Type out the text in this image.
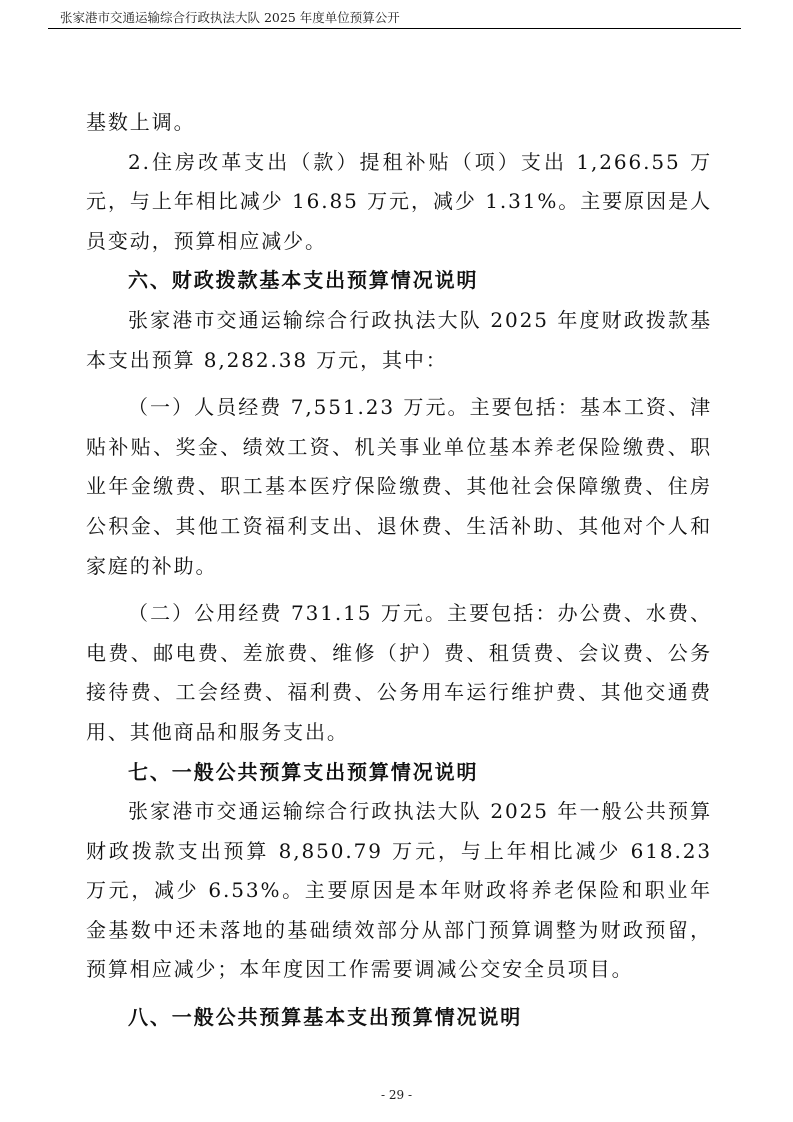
张家港市交通运输综合行政执法大队 2025 年度单位预算公开

基数上调。

2.住房改革支出（款）提租补贴（项）支出 1,266.55 万元，与上年相比减少 16.85 万元，减少 1.31%。主要原因是人员变动，预算相应减少。

六、财政拨款基本支出预算情况说明

张家港市交通运输综合行政执法大队 2025 年度财政拨款基本支出预算 8,282.38 万元，其中：

（一）人员经费 7,551.23 万元。主要包括：基本工资、津贴补贴、奖金、绩效工资、机关事业单位基本养老保险缴费、职业年金缴费、职工基本医疗保险缴费、其他社会保障缴费、住房公积金、其他工资福利支出、退休费、生活补助、其他对个人和家庭的补助。

（二）公用经费 731.15 万元。主要包括：办公费、水费、电费、邮电费、差旅费、维修（护）费、租赁费、会议费、公务接待费、工会经费、福利费、公务用车运行维护费、其他交通费用、其他商品和服务支出。

七、一般公共预算支出预算情况说明

张家港市交通运输综合行政执法大队 2025 年一般公共预算财政拨款支出预算 8,850.79 万元，与上年相比减少 618.23 万元，减少 6.53%。主要原因是本年财政将养老保险和职业年金基数中还未落地的基础绩效部分从部门预算调整为财政预留，预算相应减少；本年度因工作需要调减公交安全员项目。

八、一般公共预算基本支出预算情况说明

- 29 -
